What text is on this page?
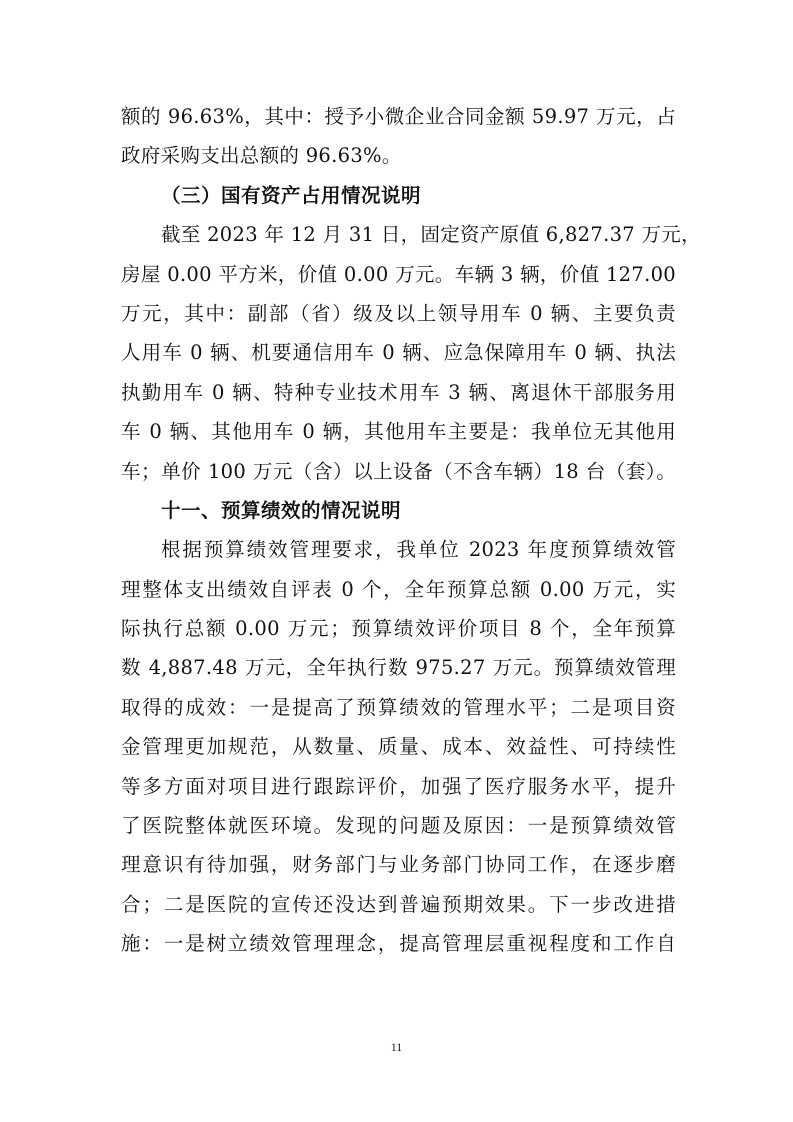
额的 96.63%，其中：授予小微企业合同金额 59.97 万元，占
政府采购支出总额的 96.63%。
（三）国有资产占用情况说明
截至 2023 年 12 月 31 日，固定资产原值 6,827.37 万元，
房屋 0.00 平方米，价值 0.00 万元。车辆 3 辆，价值 127.00
万元，其中：副部（省）级及以上领导用车 0 辆、主要负责
人用车 0 辆、机要通信用车 0 辆、应急保障用车 0 辆、执法
执勤用车 0 辆、特种专业技术用车 3 辆、离退休干部服务用
车 0 辆、其他用车 0 辆，其他用车主要是：我单位无其他用
车；单价 100 万元（含）以上设备（不含车辆）18 台（套）。
十一、预算绩效的情况说明
根据预算绩效管理要求，我单位 2023 年度预算绩效管
理整体支出绩效自评表 0 个，全年预算总额 0.00 万元，实
际执行总额 0.00 万元；预算绩效评价项目 8 个，全年预算
数 4,887.48 万元，全年执行数 975.27 万元。预算绩效管理
取得的成效：一是提高了预算绩效的管理水平；二是项目资
金管理更加规范，从数量、质量、成本、效益性、可持续性
等多方面对项目进行跟踪评价，加强了医疗服务水平，提升
了医院整体就医环境。发现的问题及原因：一是预算绩效管
理意识有待加强，财务部门与业务部门协同工作，在逐步磨
合；二是医院的宣传还没达到普遍预期效果。下一步改进措
施：一是树立绩效管理理念，提高管理层重视程度和工作自
11
